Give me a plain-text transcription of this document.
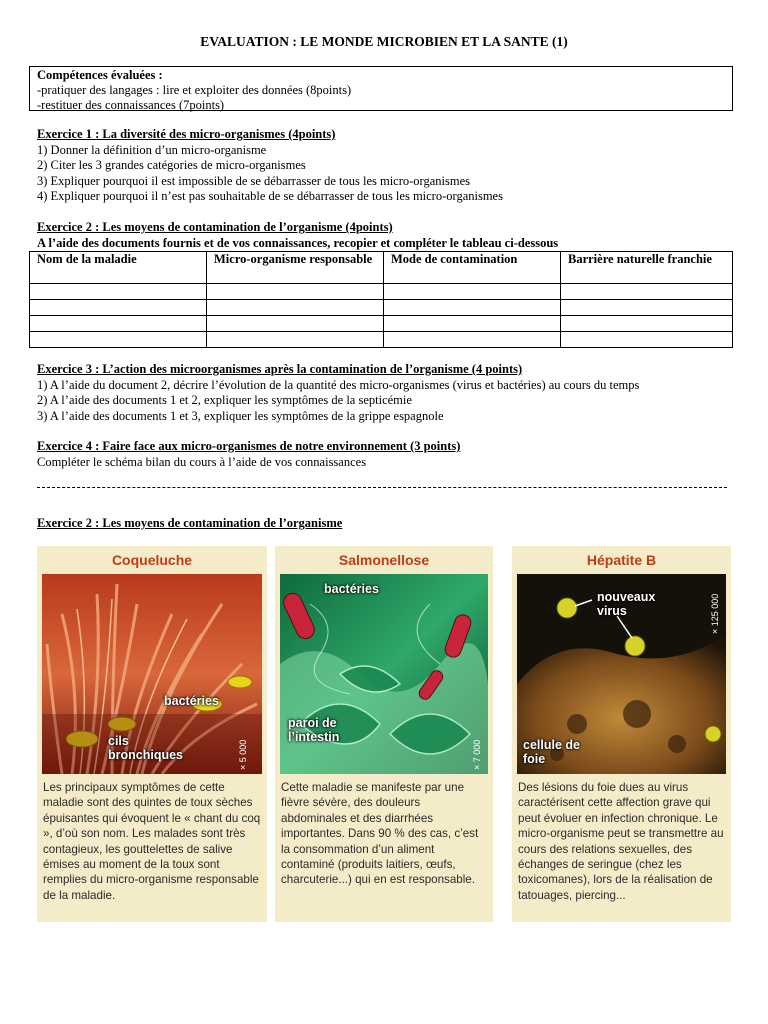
EVALUATION : LE MONDE MICROBIEN ET LA SANTE (1)
Compétences évaluées :
-pratiquer des langages : lire et exploiter des données (8points)
-restituer des connaissances (7points)
Exercice 1 : La diversité des micro-organismes (4points)
1) Donner la définition d’un micro-organisme
2) Citer les 3 grandes catégories de micro-organismes
3) Expliquer pourquoi il est impossible de se débarrasser de tous les micro-organismes
4) Expliquer pourquoi il n’est pas souhaitable de se débarrasser de tous les micro-organismes
Exercice 2 : Les moyens de contamination de l’organisme (4points)
A l’aide des documents fournis et de vos connaissances, recopier et compléter le tableau ci-dessous
Nom de la maladie	Micro-organisme responsable	Mode de contamination	Barrière naturelle franchie

Exercice 3 : L’action des microorganismes après la contamination de l’organisme (4 points)
1) A l’aide du document 2, décrire l’évolution de la quantité des micro-organismes (virus et bactéries) au cours du temps
2) A l’aide des documents 1 et 2, expliquer les symptômes de la septicémie
3) A l’aide des documents 1 et 3, expliquer les symptômes de la grippe espagnole
Exercice 4 : Faire face aux micro-organismes de notre environnement (3 points)
Compléter le schéma bilan du cours à l’aide de vos connaissances
Exercice 2 : Les moyens de contamination de l’organisme
Coqueluche
bactéries
cils
bronchiques	× 5 000
Les principaux symptômes de cette maladie sont des quintes de toux sèches épuisantes qui évoquent le « chant du coq », d’où son nom. Les malades sont très contagieux, les gouttelettes de salive émises au moment de la toux sont remplies du micro-organisme responsable de la maladie.
Salmonellose
bactéries
paroi de
l’intestin
× 7 000
Cette maladie se manifeste par une fièvre sévère, des douleurs abdominales et des diarrhées importantes. Dans 90 % des cas, c’est la consommation d’un aliment contaminé (produits laitiers, œufs, charcuterie...) qui en est responsable.
Hépatite B
nouveaux
virus
cellule de
foie
× 125 000
Des lésions du foie dues au virus caractérisent cette affection grave qui peut évoluer en infection chronique. Le micro-organisme peut se transmettre au cours des relations sexuelles, des échanges de seringue (chez les toxicomanes), lors de la réalisation de tatouages, piercing...
